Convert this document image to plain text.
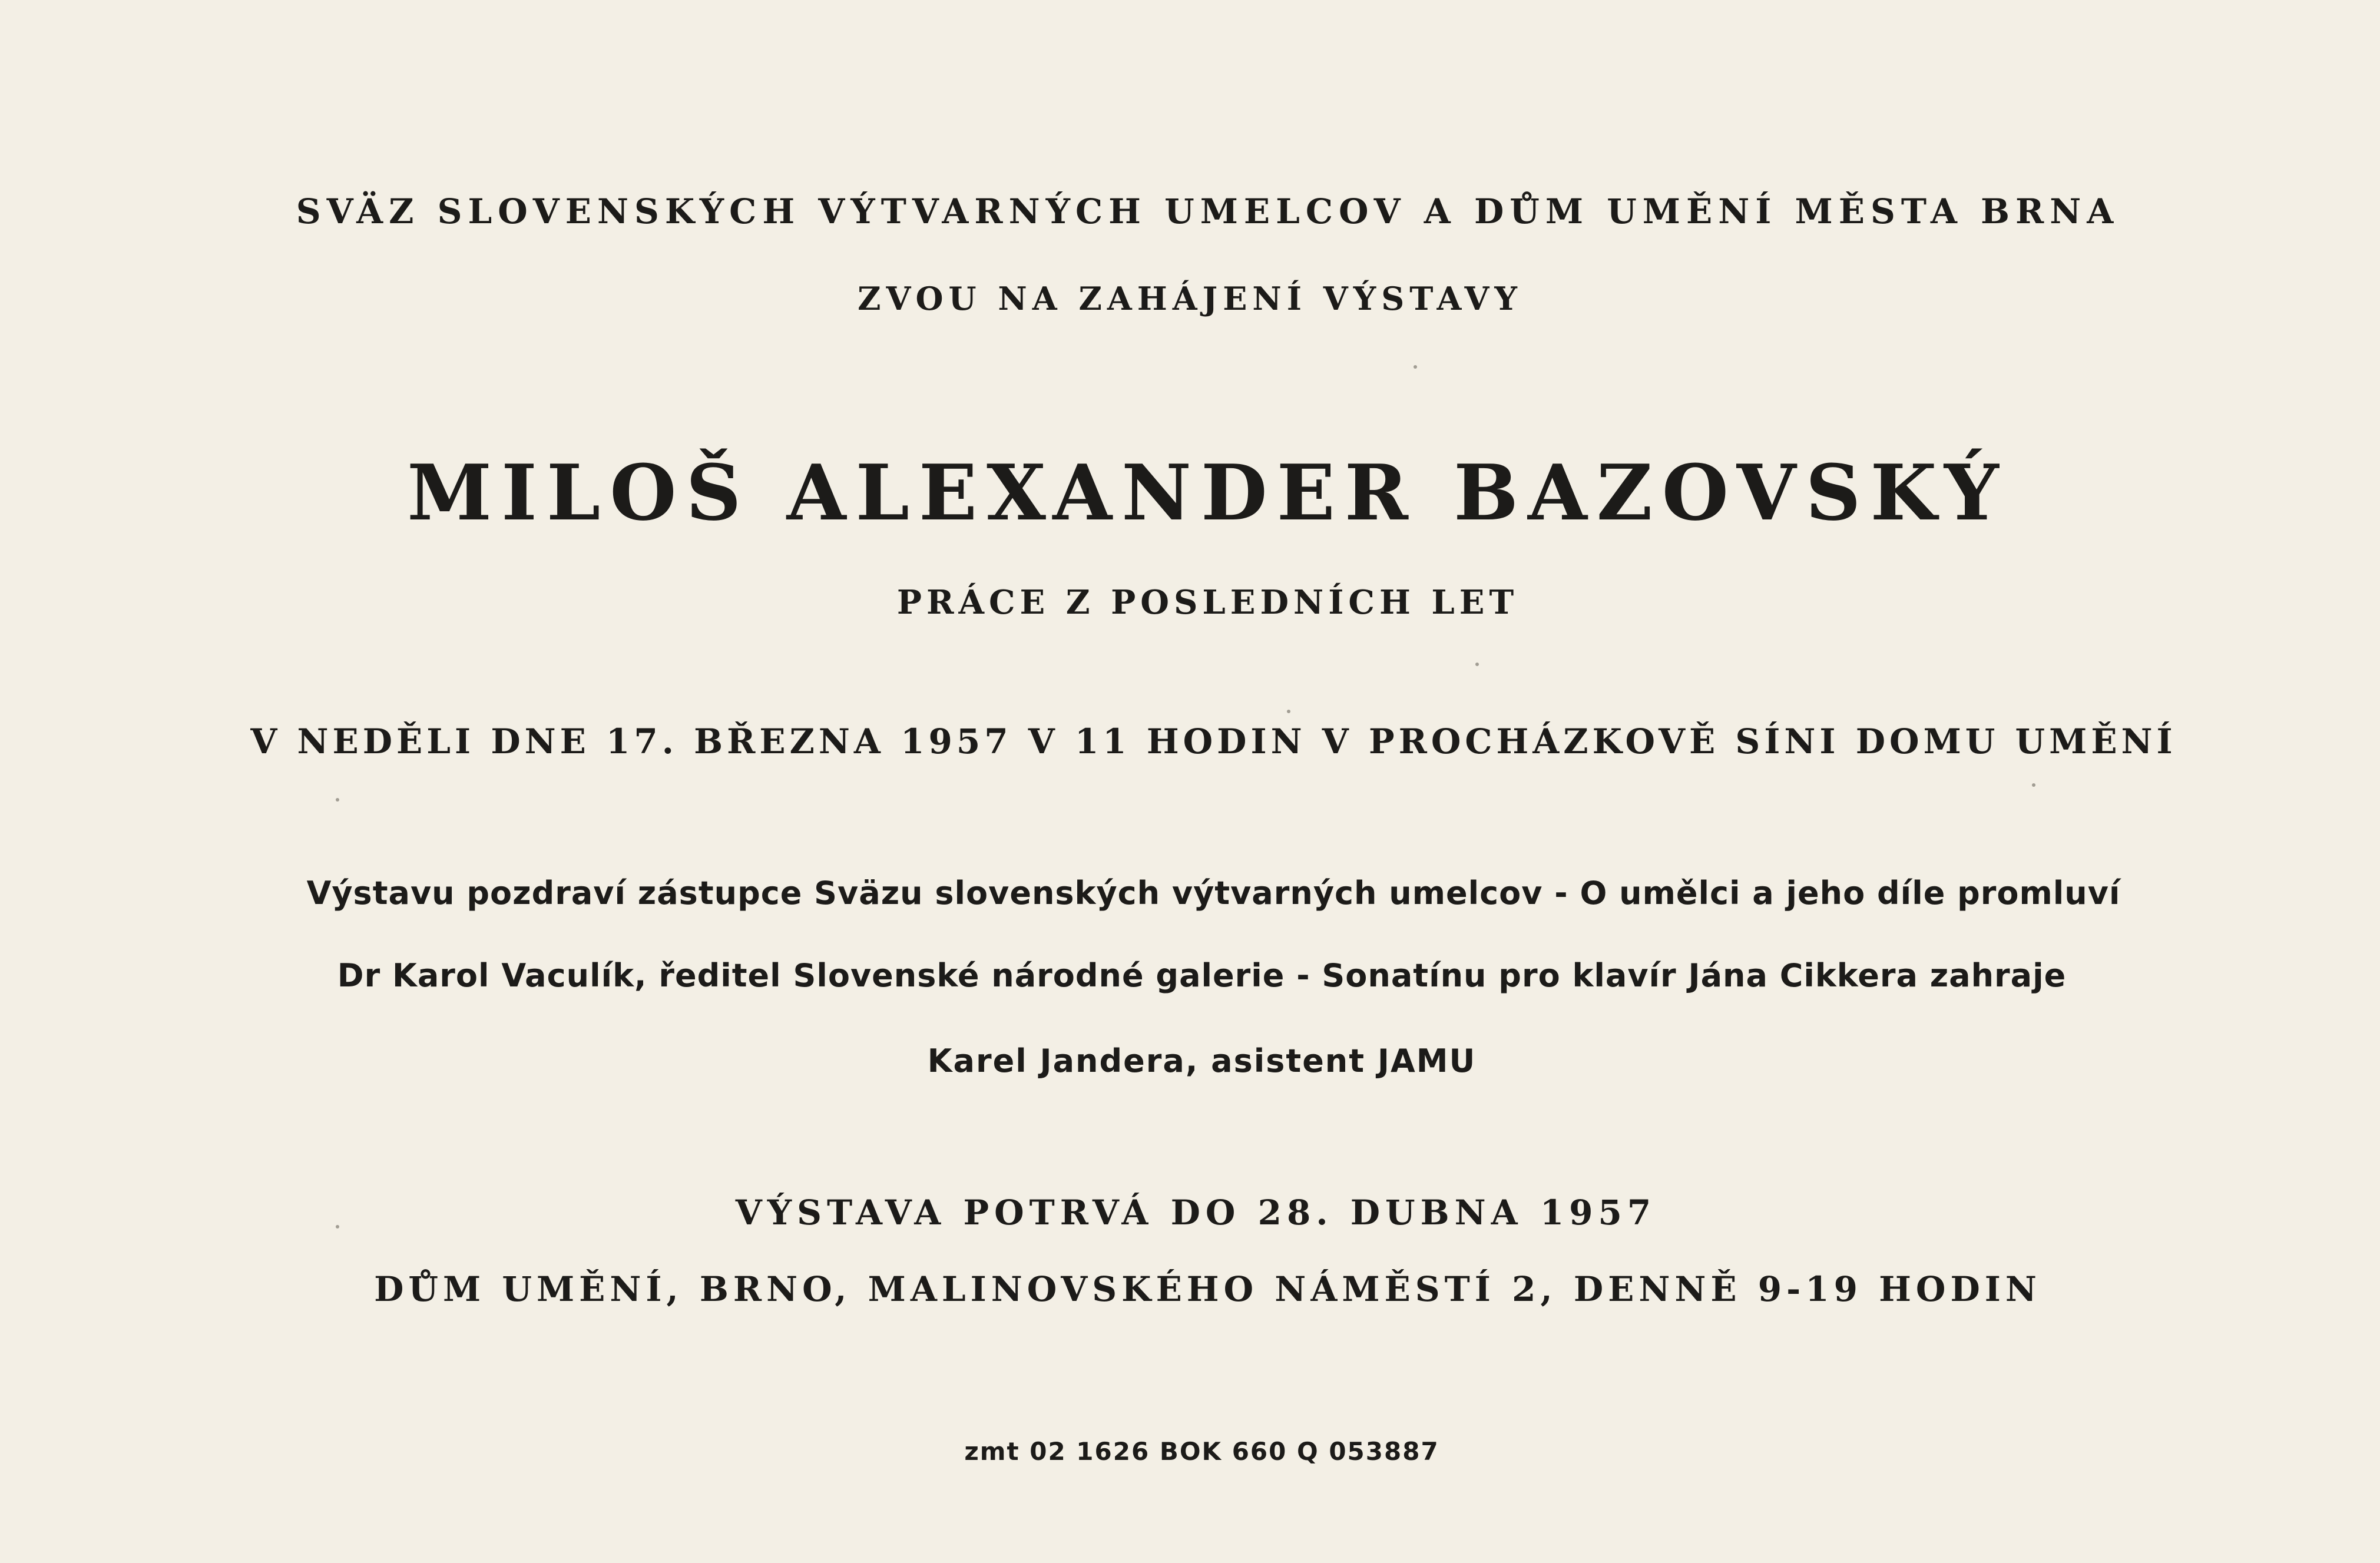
SVÄZ SLOVENSKÝCH VÝTVARNÝCH UMELCOV A DŮM UMĚNÍ MĚSTA BRNA
ZVOU NA ZAHÁJENÍ VÝSTAVY
MILOŠ ALEXANDER BAZOVSKÝ
PRÁCE Z POSLEDNÍCH LET
V NEDĚLI DNE 17. BŘEZNA 1957 V 11 HODIN V PROCHÁZKOVĚ SÍNI DOMU UMĚNÍ
Výstavu pozdraví zástupce Sväzu slovenských výtvarných umelcov - O umělci a jeho díle promluví
Dr Karol Vaculík, ředitel Slovenské národné galerie - Sonatínu pro klavír Jána Cikkera zahraje
Karel Jandera, asistent JAMU
VÝSTAVA POTRVÁ DO 28. DUBNA 1957
DŮM UMĚNÍ, BRNO, MALINOVSKÉHO NÁMĚSTÍ 2, DENNĚ 9-19 HODIN
zmt 02 1626 BOK 660 Q 053887
